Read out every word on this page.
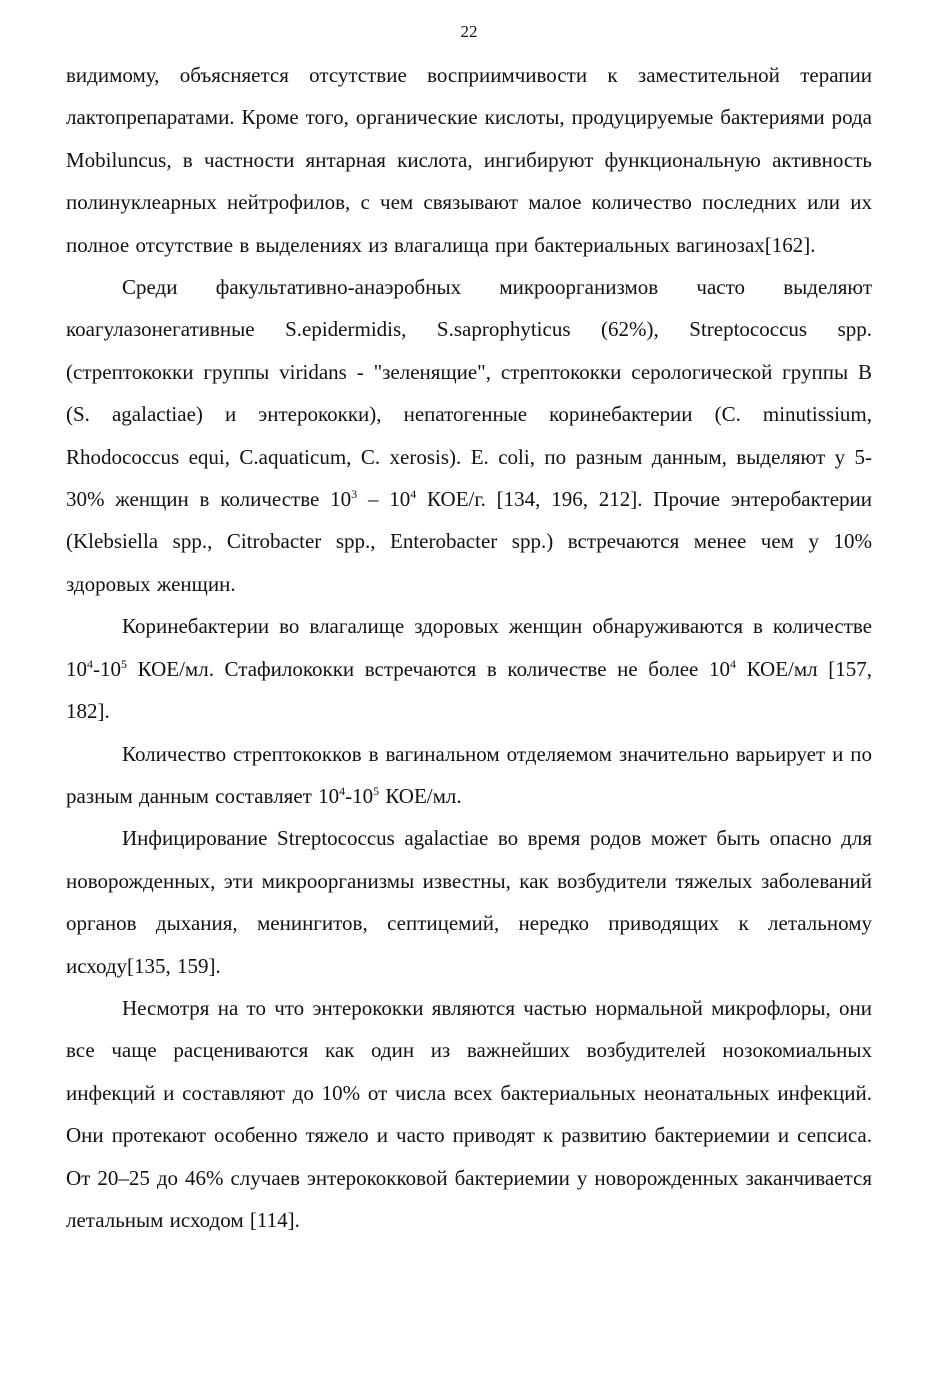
22

видимому, объясняется отсутствие восприимчивости к заместительной терапии лактопрепаратами. Кроме того, органические кислоты, продуцируемые бактериями рода Mobiluncus, в частности янтарная кислота, ингибируют функциональную активность полинуклеарных нейтрофилов, с чем связывают малое количество последних или их полное отсутствие в выделениях из влагалища при бактериальных вагинозах[162].

Среди факультативно-анаэробных микроорганизмов часто выделяют коагулазонегативные S.epidermidis, S.saprophyticus (62%), Streptococcus spp. (стрептококки группы viridans - "зеленящие", стрептококки серологической группы В (S. agalactiae) и энтерококки), непатогенные коринебактерии (С. minutissium, Rhodococcus equi, C.aquaticum, С. xerosis). Е. coli, по разным данным, выделяют у 5-30% женщин в количестве $10^3 - 10^4$ КОЕ/г. [134, 196, 212]. Прочие энтеробактерии (Klebsiella spp., Citrobacter spp., Enterobacter spp.) встречаются менее чем у 10% здоровых женщин.

Коринебактерии во влагалище здоровых женщин обнаруживаются в количестве $10^4-10^5$ КОЕ/мл. Стафилококки встречаются в количестве не более $10^4$ КОЕ/мл [157, 182].

Количество стрептококков в вагинальном отделяемом значительно варьирует и по разным данным составляет $10^4-10^5$ КОЕ/мл.

Инфицирование Streptococcus agalactiae во время родов может быть опасно для новорожденных, эти микроорганизмы известны, как возбудители тяжелых заболеваний органов дыхания, менингитов, септицемий, нередко приводящих к летальному исходу[135, 159].

Несмотря на то что энтерококки являются частью нормальной микрофлоры, они все чаще расцениваются как один из важнейших возбудителей нозокомиальных инфекций и составляют до 10% от числа всех бактериальных неонатальных инфекций. Они протекают особенно тяжело и часто приводят к развитию бактериемии и сепсиса. От 20–25 до 46% случаев энтерококковой бактериемии у новорожденных заканчивается летальным исходом [114].
